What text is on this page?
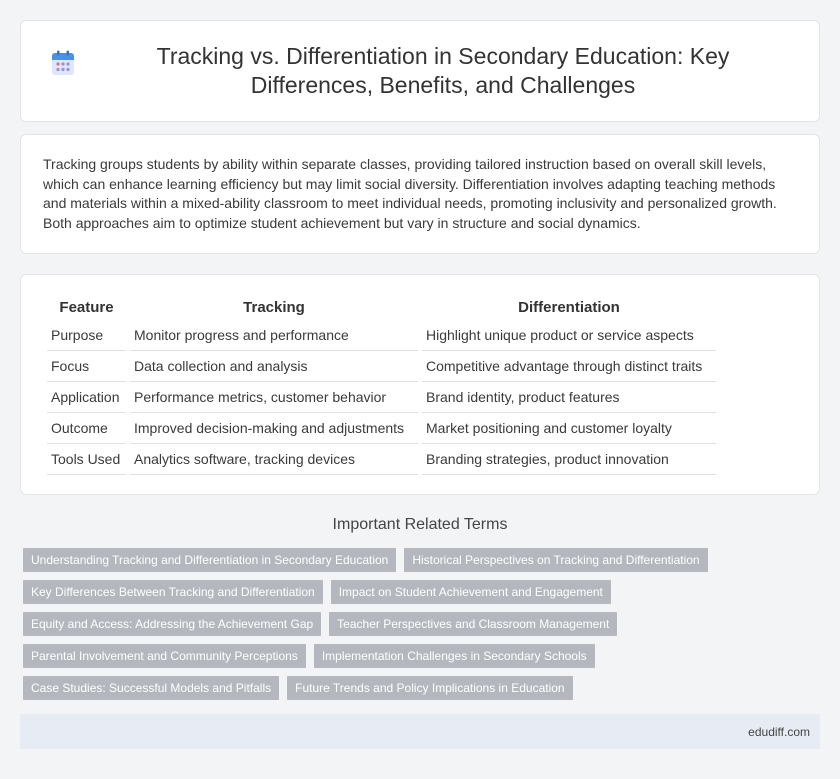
Tracking vs. Differentiation in Secondary Education: Key Differences, Benefits, and Challenges

Tracking groups students by ability within separate classes, providing tailored instruction based on overall skill levels, which can enhance learning efficiency but may limit social diversity. Differentiation involves adapting teaching methods and materials within a mixed-ability classroom to meet individual needs, promoting inclusivity and personalized growth. Both approaches aim to optimize student achievement but vary in structure and social dynamics.

Feature	Tracking	Differentiation
Purpose	Monitor progress and performance	Highlight unique product or service aspects
Focus	Data collection and analysis	Competitive advantage through distinct traits
Application	Performance metrics, customer behavior	Brand identity, product features
Outcome	Improved decision-making and adjustments	Market positioning and customer loyalty
Tools Used	Analytics software, tracking devices	Branding strategies, product innovation
Important Related Terms
Understanding Tracking and Differentiation in Secondary Education	Historical Perspectives on Tracking and Differentiation
Key Differences Between Tracking and Differentiation	Impact on Student Achievement and Engagement
Equity and Access: Addressing the Achievement Gap	Teacher Perspectives and Classroom Management
Parental Involvement and Community Perceptions	Implementation Challenges in Secondary Schools
Case Studies: Successful Models and Pitfalls	Future Trends and Policy Implications in Education
edudiff.com
